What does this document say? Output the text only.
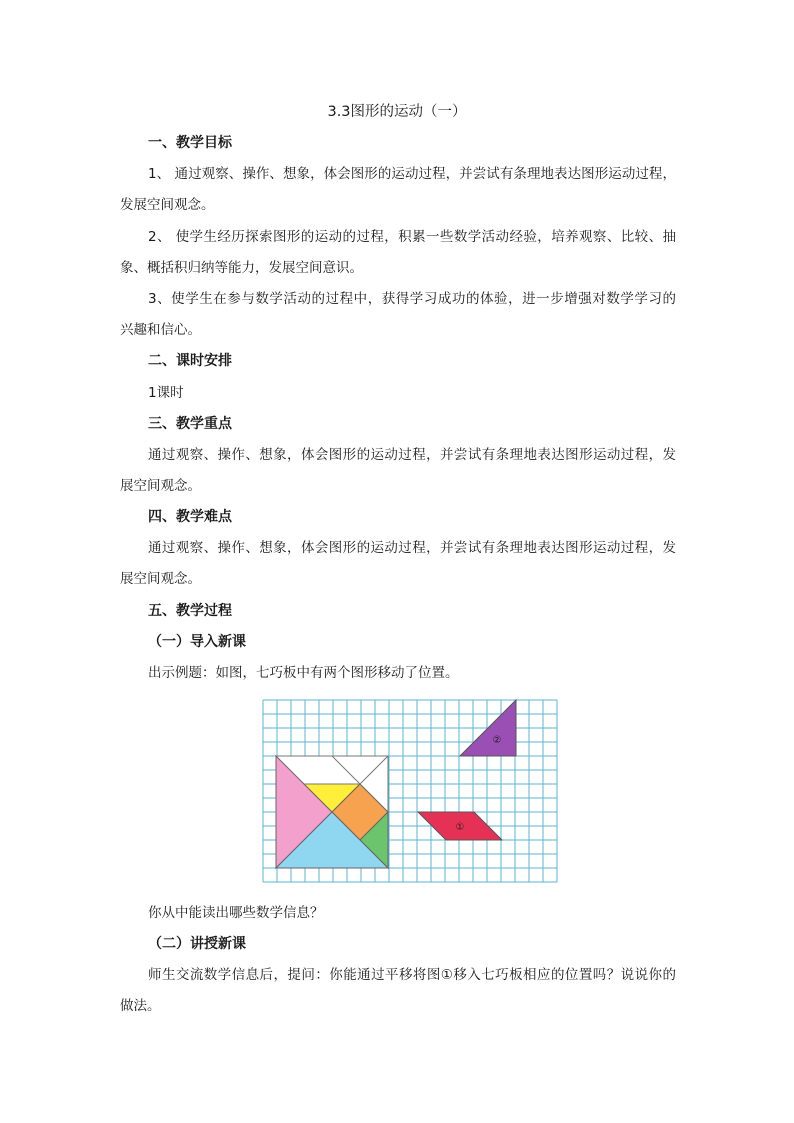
3.3图形的运动（一）
一、教学目标
1、 通过观察、操作、想象，体会图形的运动过程，并尝试有条理地表达图形运动过程，
发展空间观念。
2、 使学生经历探索图形的运动的过程，积累一些数学活动经验，培养观察、比较、抽
象、概括积归纳等能力，发展空间意识。
3、使学生在参与数学活动的过程中，获得学习成功的体验，进一步增强对数学学习的
兴趣和信心。
二、课时安排
1课时
三、教学重点
通过观察、操作、想象，体会图形的运动过程，并尝试有条理地表达图形运动过程，发
展空间观念。
四、教学难点
通过观察、操作、想象，体会图形的运动过程，并尝试有条理地表达图形运动过程，发
展空间观念。
五、教学过程
（一）导入新课
出示例题：如图，七巧板中有两个图形移动了位置。
①
②
你从中能读出哪些数学信息？
（二）讲授新课
师生交流数学信息后，提问：你能通过平移将图①移入七巧板相应的位置吗？说说你的
做法。
